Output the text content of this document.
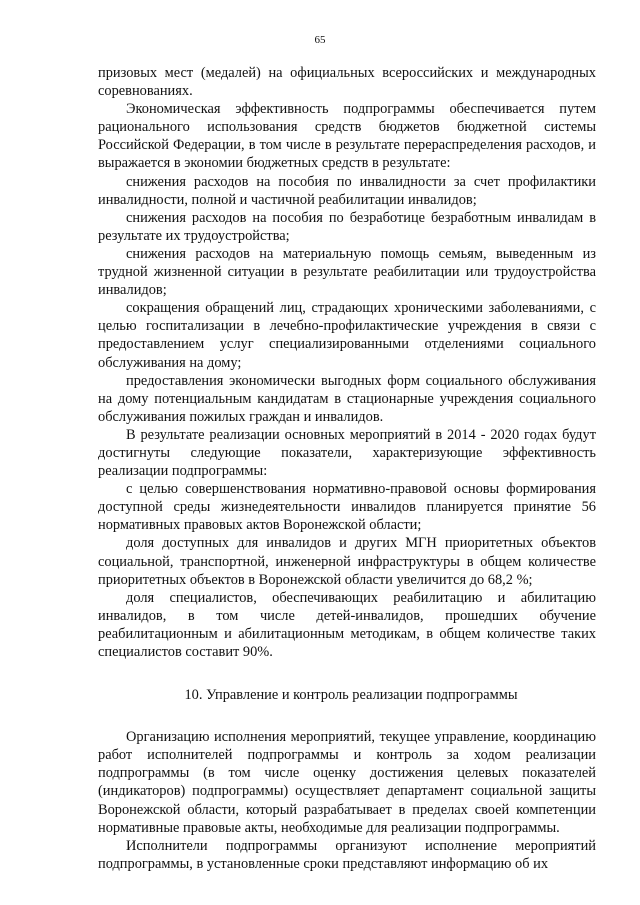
65

призовых мест (медалей) на официальных всероссийских и международных соревнованиях.

Экономическая эффективность подпрограммы обеспечивается путем рационального использования средств бюджетов бюджетной системы Российской Федерации, в том числе в результате перераспределения расходов, и выражается в экономии бюджетных средств в результате:

снижения расходов на пособия по инвалидности за счет профилактики инвалидности, полной и частичной реабилитации инвалидов;

снижения расходов на пособия по безработице безработным инвалидам в результате их трудоустройства;

снижения расходов на материальную помощь семьям, выведенным из трудной жизненной ситуации в результате реабилитации или трудоустройства инвалидов;

сокращения обращений лиц, страдающих хроническими заболеваниями, с целью госпитализации в лечебно-профилактические учреждения в связи с предоставлением услуг специализированными отделениями социального обслуживания на дому;

предоставления экономически выгодных форм социального обслуживания на дому потенциальным кандидатам в стационарные учреждения социального обслуживания пожилых граждан и инвалидов.

В результате реализации основных мероприятий в 2014 - 2020 годах будут достигнуты следующие показатели, характеризующие эффективность реализации подпрограммы:

с целью совершенствования нормативно-правовой основы формирования доступной среды жизнедеятельности инвалидов планируется принятие 56 нормативных правовых актов Воронежской области;

доля доступных для инвалидов и других МГН приоритетных объектов социальной, транспортной, инженерной инфраструктуры в общем количестве приоритетных объектов в Воронежской области увеличится до 68,2 %;

доля специалистов, обеспечивающих реабилитацию и абилитацию инвалидов, в том числе детей-инвалидов, прошедших обучение реабилитационным и абилитационным методикам, в общем количестве таких специалистов составит 90%.

10. Управление и контроль реализации подпрограммы

Организацию исполнения мероприятий, текущее управление, координацию работ исполнителей подпрограммы и контроль за ходом реализации подпрограммы (в том числе оценку достижения целевых показателей (индикаторов) подпрограммы) осуществляет департамент социальной защиты Воронежской области, который разрабатывает в пределах своей компетенции нормативные правовые акты, необходимые для реализации подпрограммы.

Исполнители подпрограммы организуют исполнение мероприятий подпрограммы, в установленные сроки представляют информацию об их
